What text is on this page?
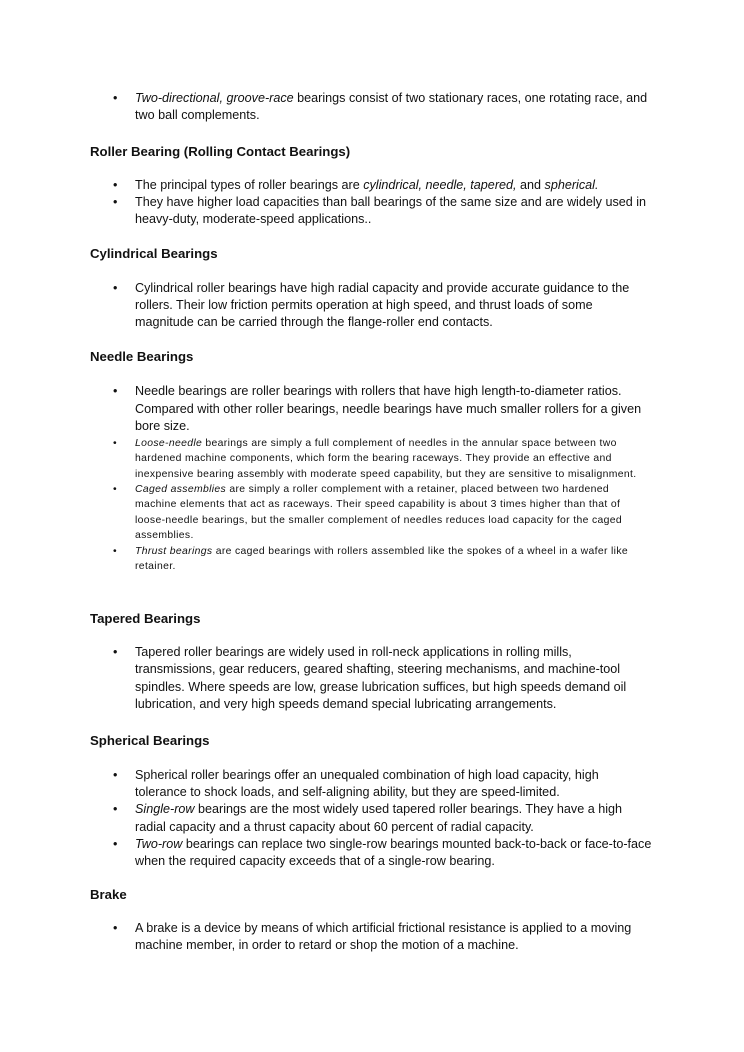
• Two-directional, groove-race bearings consist of two stationary races, one rotating race, and two ball complements.
Roller Bearing (Rolling Contact Bearings)
• The principal types of roller bearings are cylindrical, needle, tapered, and spherical.
• They have higher load capacities than ball bearings of the same size and are widely used in heavy-duty, moderate-speed applications..
Cylindrical Bearings
• Cylindrical roller bearings have high radial capacity and provide accurate guidance to the rollers. Their low friction permits operation at high speed, and thrust loads of some magnitude can be carried through the flange-roller end contacts.
Needle Bearings
• Needle bearings are roller bearings with rollers that have high length-to-diameter ratios. Compared with other roller bearings, needle bearings have much smaller rollers for a given bore size.
• Loose-needle bearings are simply a full complement of needles in the annular space between two hardened machine components, which form the bearing raceways. They provide an effective and inexpensive bearing assembly with moderate speed capability, but they are sensitive to misalignment.
• Caged assemblies are simply a roller complement with a retainer, placed between two hardened machine elements that act as raceways. Their speed capability is about 3 times higher than that of loose-needle bearings, but the smaller complement of needles reduces load capacity for the caged assemblies.
• Thrust bearings are caged bearings with rollers assembled like the spokes of a wheel in a wafer like retainer.
Tapered Bearings
• Tapered roller bearings are widely used in roll-neck applications in rolling mills, transmissions, gear reducers, geared shafting, steering mechanisms, and machine-tool spindles. Where speeds are low, grease lubrication suffices, but high speeds demand oil lubrication, and very high speeds demand special lubricating arrangements.
Spherical Bearings
• Spherical roller bearings offer an unequaled combination of high load capacity, high tolerance to shock loads, and self-aligning ability, but they are speed-limited.
• Single-row bearings are the most widely used tapered roller bearings. They have a high radial capacity and a thrust capacity about 60 percent of radial capacity.
• Two-row bearings can replace two single-row bearings mounted back-to-back or face-to-face when the required capacity exceeds that of a single-row bearing.
Brake
• A brake is a device by means of which artificial frictional resistance is applied to a moving machine member, in order to retard or shop the motion of a machine.
